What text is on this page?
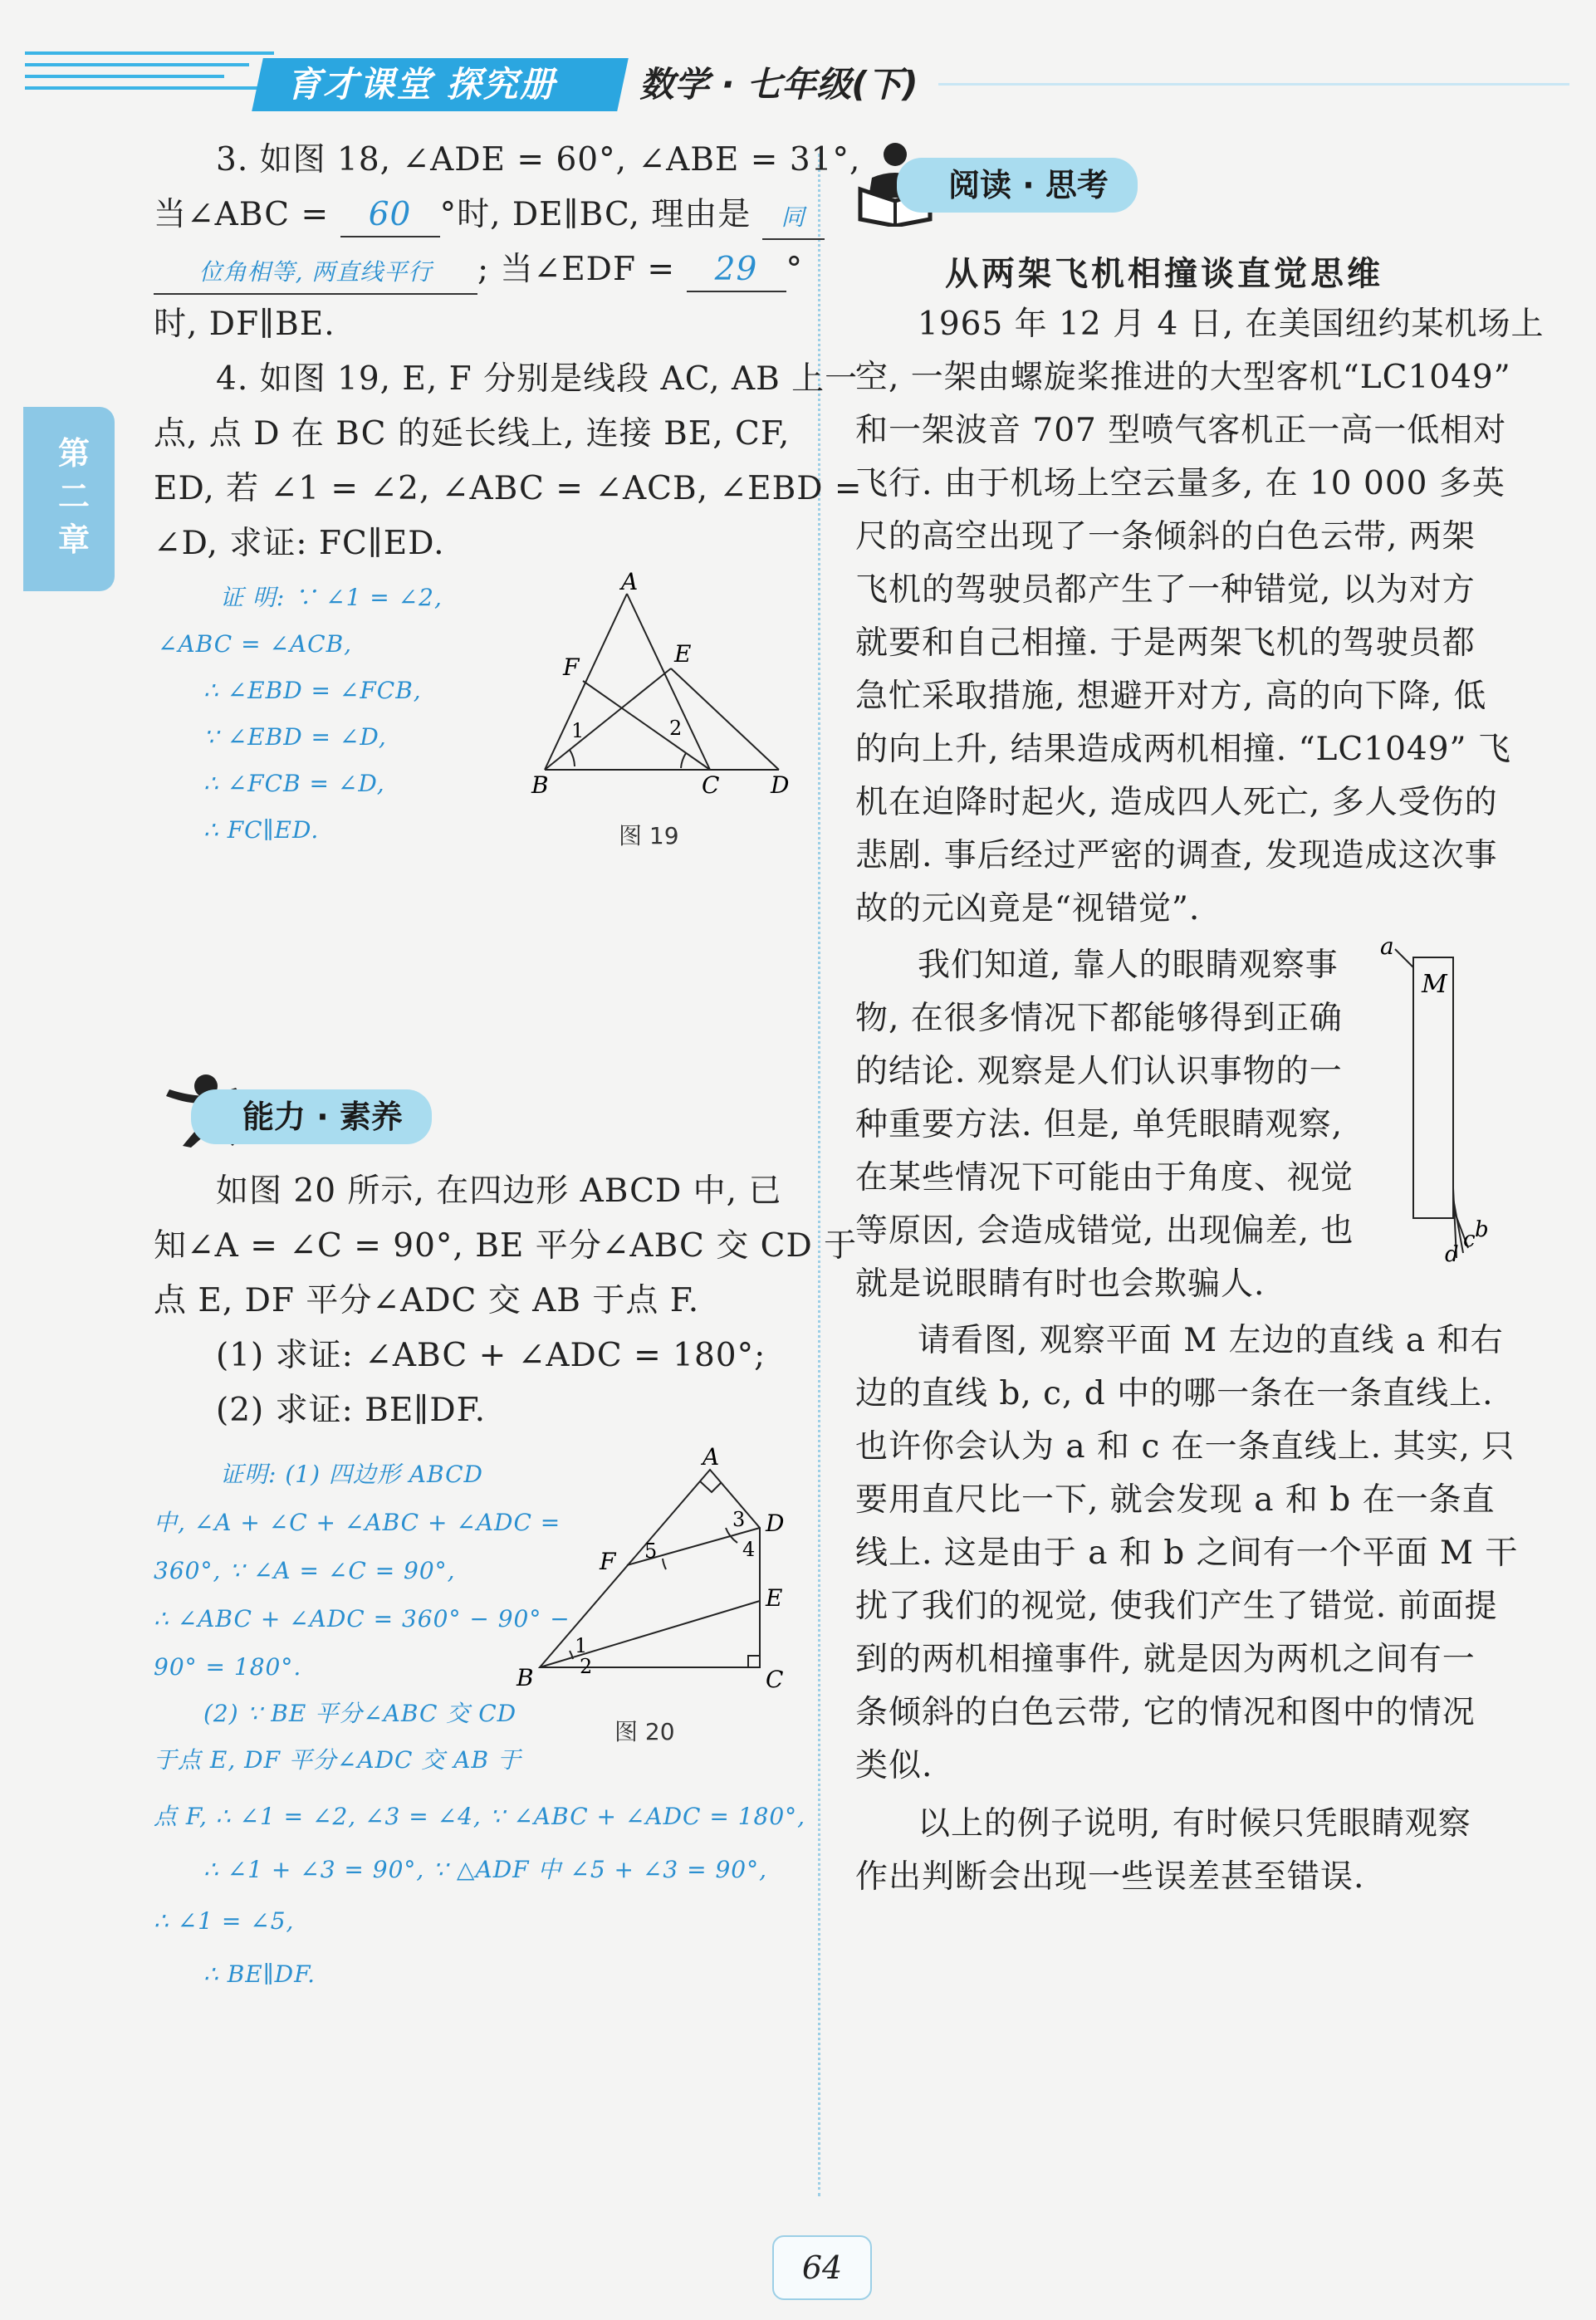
育才课堂 探究册	数学 · 七年级(下)
第
二
章
3. 如图 18, ∠ADE = 60°, ∠ABE = 31°,
当∠ABC = 60 °时, DE∥BC, 理由是 同
位角相等, 两直线平行 ; 当∠EDF = 29 °
时, DF∥BE.
4. 如图 19, E, F 分别是线段 AC, AB 上一
点, 点 D 在 BC 的延长线上, 连接 BE, CF,
ED, 若 ∠1 = ∠2, ∠ABC = ∠ACB, ∠EBD =
∠D, 求证: FC∥ED.
证 明: ∵ ∠1 = ∠2,
∠ABC = ∠ACB,
∴ ∠EBD = ∠FCB,
∵ ∠EBD = ∠D,
∴ ∠FCB = ∠D,
∴ FC∥ED.
A
B	C D
E
F
1	2
图 19
能力 · 素养
如图 20 所示, 在四边形 ABCD 中, 已
知∠A = ∠C = 90°, BE 平分∠ABC 交 CD 于
点 E, DF 平分∠ADC 交 AB 于点 F.
(1) 求证: ∠ABC + ∠ADC = 180°;
(2) 求证: BE∥DF.
证明: (1) 四边形 ABCD
中, ∠A + ∠C + ∠ABC + ∠ADC =
360°, ∵ ∠A = ∠C = 90°,
∴ ∠ABC + ∠ADC = 360° − 90° −
90° = 180°.
(2) ∵ BE 平分∠ABC 交 CD
于点 E, DF 平分∠ADC 交 AB 于
点 F, ∴ ∠1 = ∠2, ∠3 = ∠4, ∵ ∠ABC + ∠ADC = 180°,
∴ ∠1 + ∠3 = 90°, ∵ △ADF 中 ∠5 + ∠3 = 90°,
∴ ∠1 = ∠5,
∴ BE∥DF.
A
B	C
D
E
F
1
2
3
4
5
图 20
阅读 · 思考
从两架飞机相撞谈直觉思维
1965 年 12 月 4 日, 在美国纽约某机场上
空, 一架由螺旋桨推进的大型客机“LC1049”
和一架波音 707 型喷气客机正一高一低相对
飞行. 由于机场上空云量多, 在 10 000 多英
尺的高空出现了一条倾斜的白色云带, 两架
飞机的驾驶员都产生了一种错觉, 以为对方
就要和自己相撞. 于是两架飞机的驾驶员都
急忙采取措施, 想避开对方, 高的向下降, 低
的向上升, 结果造成两机相撞. “LC1049” 飞
机在迫降时起火, 造成四人死亡, 多人受伤的
悲剧. 事后经过严密的调查, 发现造成这次事
故的元凶竟是“视错觉”.
我们知道, 靠人的眼睛观察事
物, 在很多情况下都能够得到正确
的结论. 观察是人们认识事物的一
种重要方法. 但是, 单凭眼睛观察,
在某些情况下可能由于角度、视觉
等原因, 会造成错觉, 出现偏差, 也
就是说眼睛有时也会欺骗人.
a
M
b
c
d
请看图, 观察平面 M 左边的直线 a 和右
边的直线 b, c, d 中的哪一条在一条直线上.
也许你会认为 a 和 c 在一条直线上. 其实, 只
要用直尺比一下, 就会发现 a 和 b 在一条直
线上. 这是由于 a 和 b 之间有一个平面 M 干
扰了我们的视觉, 使我们产生了错觉. 前面提
到的两机相撞事件, 就是因为两机之间有一
条倾斜的白色云带, 它的情况和图中的情况
类似.
以上的例子说明, 有时候只凭眼睛观察
作出判断会出现一些误差甚至错误.
64
